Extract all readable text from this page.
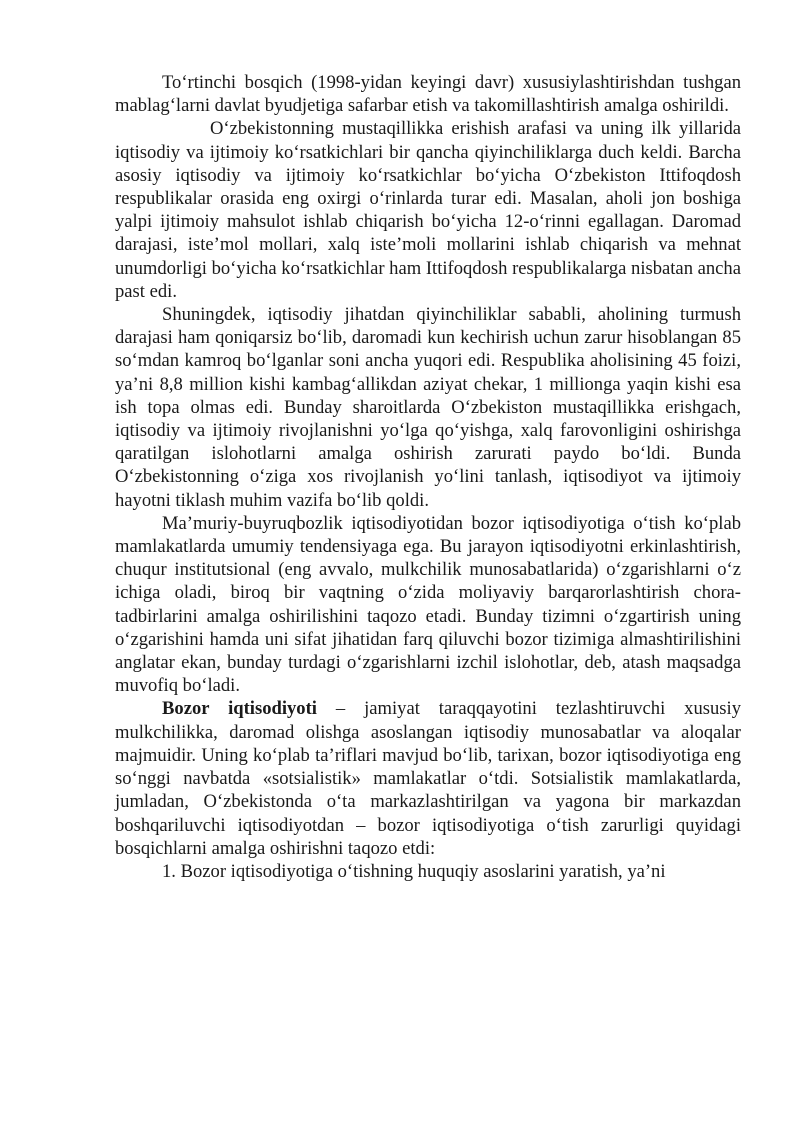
To‘rtinchi bosqich (1998-yidan keyingi davr) xususiylashtirishdan tushgan mablag‘larni davlat byudjetiga safarbar etish va takomillashtirish amalga oshirildi.

O‘zbekistonning mustaqillikka erishish arafasi va uning ilk yillarida iqtisodiy va ijtimoiy ko‘rsatkichlari bir qancha qiyinchiliklarga duch keldi. Barcha asosiy iqtisodiy va ijtimoiy ko‘rsatkichlar bo‘yicha O‘zbekiston Ittifoqdosh respublikalar orasida eng oxirgi o‘rinlarda turar edi. Masalan, aholi jon boshiga yalpi ijtimoiy mahsulot ishlab chiqarish bo‘yicha 12-o‘rinni egallagan. Daromad darajasi, iste’mol mollari, xalq iste’moli mollarini ishlab chiqarish va mehnat unumdorligi bo‘yicha ko‘rsatkichlar ham Ittifoqdosh respublikalarga nisbatan ancha past edi.

Shuningdek, iqtisodiy jihatdan qiyinchiliklar sababli, aholining turmush darajasi ham qoniqarsiz bo‘lib, daromadi kun kechirish uchun zarur hisoblangan 85 so‘mdan kamroq bo‘lganlar soni ancha yuqori edi. Respublika aholisining 45 foizi, ya’ni 8,8 million kishi kambag‘allikdan aziyat chekar, 1 millionga yaqin kishi esa ish topa olmas edi. Bunday sharoitlarda O‘zbekiston mustaqillikka erishgach, iqtisodiy va ijtimoiy rivojlanishni yo‘lga qo‘yishga, xalq farovonligini oshirishga qaratilgan islohotlarni amalga oshirish zarurati paydo bo‘ldi. Bunda O‘zbekistonning o‘ziga xos rivojlanish yo‘lini tanlash, iqtisodiyot va ijtimoiy hayotni tiklash muhim vazifa bo‘lib qoldi.

Ma’muriy-buyruqbozlik iqtisodiyotidan bozor iqtisodiyotiga o‘tish ko‘plab mamlakatlarda umumiy tendensiyaga ega. Bu jarayon iqtisodiyotni erkinlashtirish, chuqur institutsional (eng avvalo, mulkchilik munosabatlarida) o‘zgarishlarni o‘z ichiga oladi, biroq bir vaqtning o‘zida moliyaviy barqarorlashtirish chora-tadbirlarini amalga oshirilishini taqozo etadi. Bunday tizimni o‘zgartirish uning o‘zgarishini hamda uni sifat jihatidan farq qiluvchi bozor tizimiga almashtirilishini anglatar ekan, bunday turdagi o‘zgarishlarni izchil islohotlar, deb, atash maqsadga muvofiq bo‘ladi.

Bozor iqtisodiyoti – jamiyat taraqqayotini tezlashtiruvchi xususiy mulkchilikka, daromad olishga asoslangan iqtisodiy munosabatlar va aloqalar majmuidir. Uning ko‘plab ta’riflari mavjud bo‘lib, tarixan, bozor iqtisodiyotiga eng so‘nggi navbatda «sotsialistik» mamlakatlar o‘tdi. Sotsialistik mamlakatlarda, jumladan, O‘zbekistonda o‘ta markazlashtirilgan va yagona bir markazdan boshqariluvchi iqtisodiyotdan – bozor iqtisodiyotiga o‘tish zarurligi quyidagi bosqichlarni amalga oshirishni taqozo etdi:

1. Bozor iqtisodiyotiga o‘tishning huquqiy asoslarini yaratish, ya’ni
